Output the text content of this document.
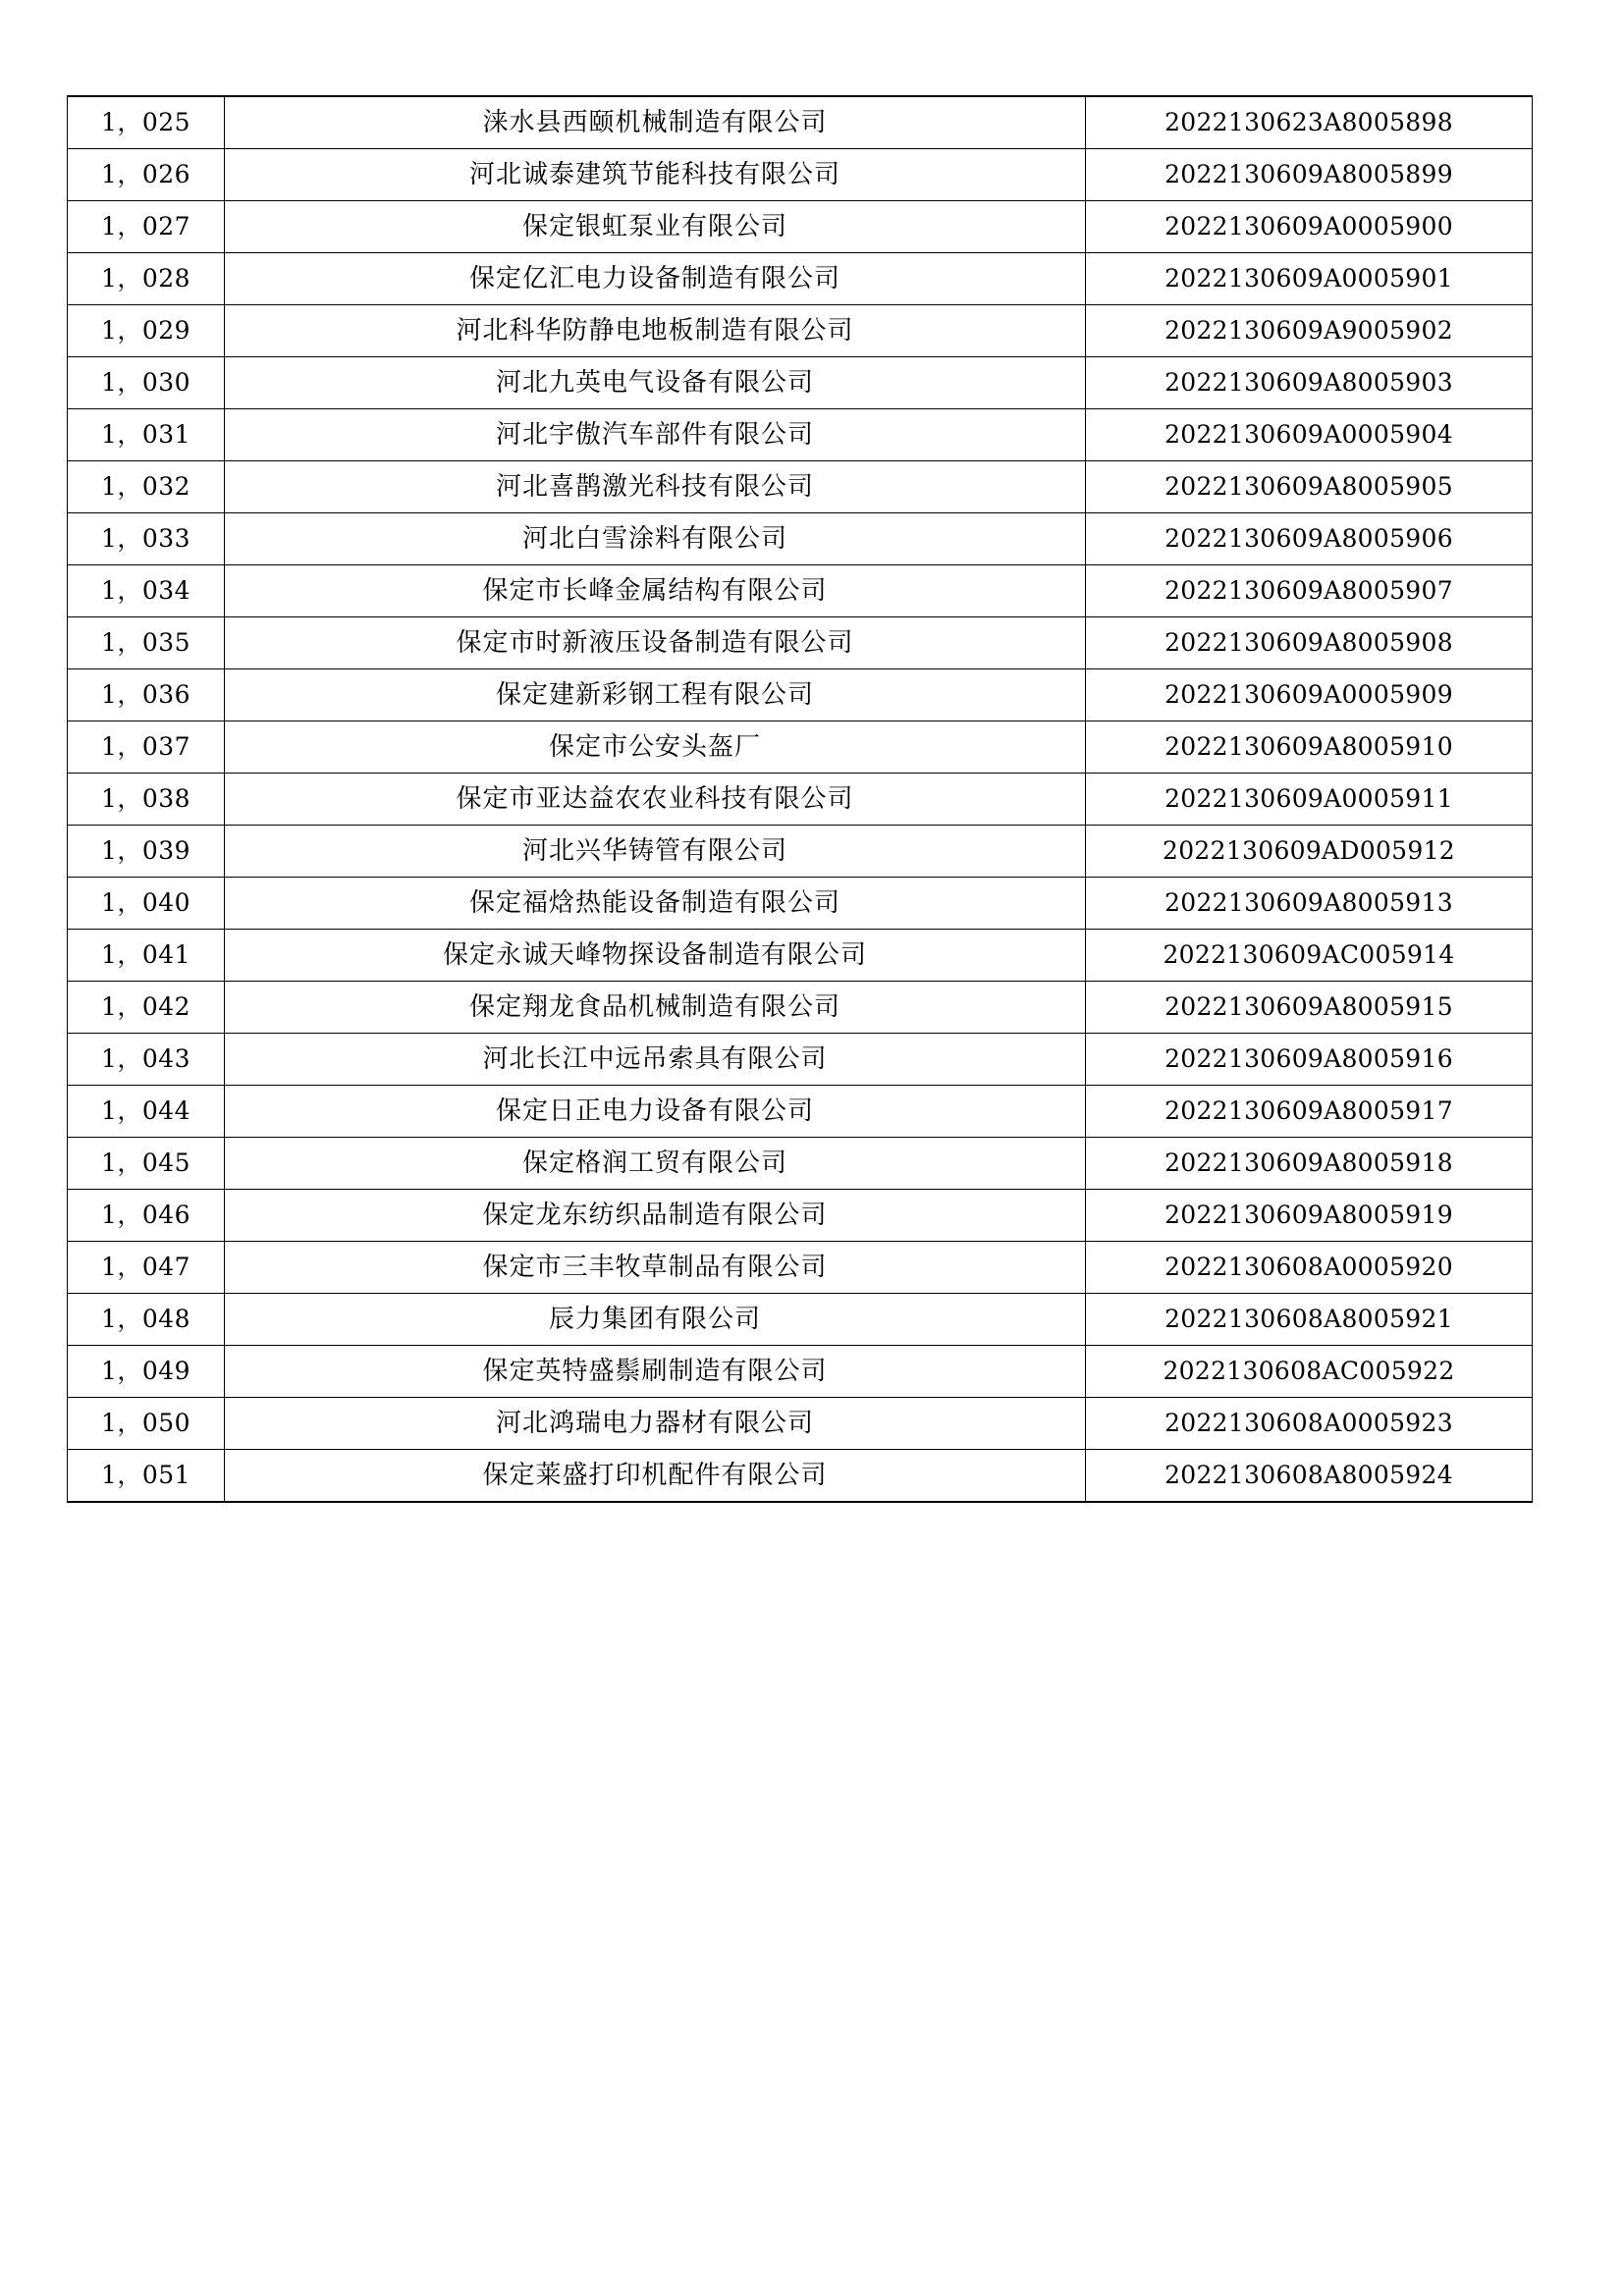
1，025	涞水县西颐机械制造有限公司	2022130623A8005898
1，026	河北诚泰建筑节能科技有限公司	2022130609A8005899
1，027	保定银虹泵业有限公司	2022130609A0005900
1，028	保定亿汇电力设备制造有限公司	2022130609A0005901
1，029	河北科华防静电地板制造有限公司	2022130609A9005902
1，030	河北九英电气设备有限公司	2022130609A8005903
1，031	河北宇傲汽车部件有限公司	2022130609A0005904
1，032	河北喜鹊激光科技有限公司	2022130609A8005905
1，033	河北白雪涂料有限公司	2022130609A8005906
1，034	保定市长峰金属结构有限公司	2022130609A8005907
1，035	保定市时新液压设备制造有限公司	2022130609A8005908
1，036	保定建新彩钢工程有限公司	2022130609A0005909
1，037	保定市公安头盔厂	2022130609A8005910
1，038	保定市亚达益农农业科技有限公司	2022130609A0005911
1，039	河北兴华铸管有限公司	2022130609AD005912
1，040	保定福焓热能设备制造有限公司	2022130609A8005913
1，041	保定永诚天峰物探设备制造有限公司	2022130609AC005914
1，042	保定翔龙食品机械制造有限公司	2022130609A8005915
1，043	河北长江中远吊索具有限公司	2022130609A8005916
1，044	保定日正电力设备有限公司	2022130609A8005917
1，045	保定格润工贸有限公司	2022130609A8005918
1，046	保定龙东纺织品制造有限公司	2022130609A8005919
1，047	保定市三丰牧草制品有限公司	2022130608A0005920
1，048	辰力集团有限公司	2022130608A8005921
1，049	保定英特盛鬃刷制造有限公司	2022130608AC005922
1，050	河北鸿瑞电力器材有限公司	2022130608A0005923
1，051	保定莱盛打印机配件有限公司	2022130608A8005924
